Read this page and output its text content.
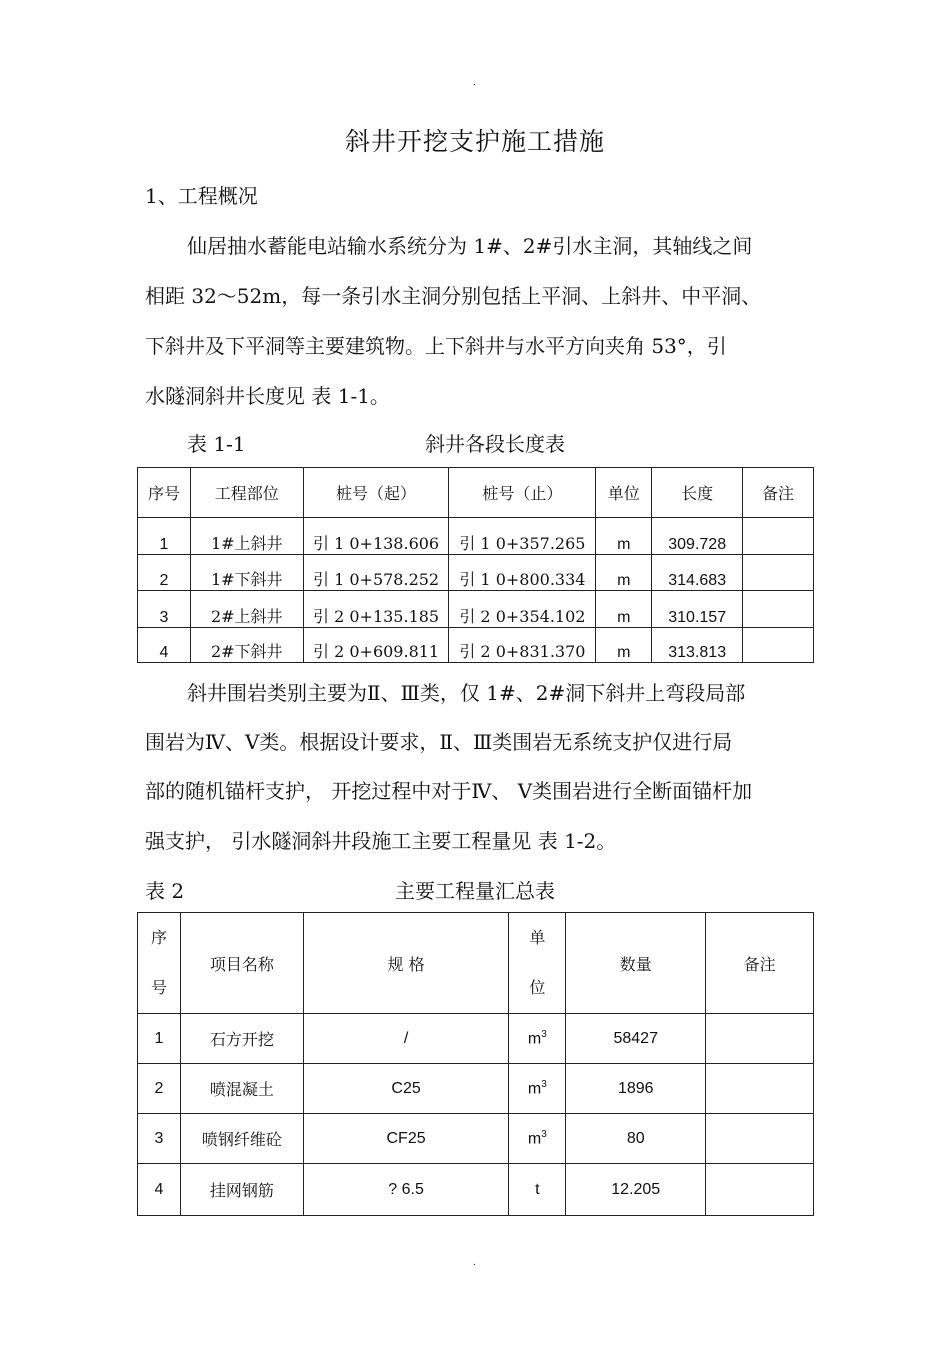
.
斜井开挖支护施工措施
1、工程概况
仙居抽水蓄能电站输水系统分为 1#、2#引水主洞，其轴线之间
相距 32～52m，每一条引水主洞分别包括上平洞、上斜井、中平洞、
下斜井及下平洞等主要建筑物。上下斜井与水平方向夹角 53°，引
水隧洞斜井长度见 表 1-1。
表 1-1	斜井各段长度表
序号	工程部位	桩号（起）	桩号（止）	单位	长度	备注
1	1#上斜井	引 1 0+138.606	引 1 0+357.265	m	309.728	
2	1#下斜井	引 1 0+578.252	引 1 0+800.334	m	314.683	
3	2#上斜井	引 2 0+135.185	引 2 0+354.102	m	310.157	
4	2#下斜井	引 2 0+609.811	引 2 0+831.370	m	313.813	
斜井围岩类别主要为Ⅱ、Ⅲ类，仅 1#、2#洞下斜井上弯段局部
围岩为Ⅳ、Ⅴ类。根据设计要求，Ⅱ、Ⅲ类围岩无系统支护仅进行局
部的随机锚杆支护， 开挖过程中对于Ⅳ、 Ⅴ类围岩进行全断面锚杆加
强支护， 引水隧洞斜井段施工主要工程量见 表 1-2。
表 2	主要工程量汇总表
序号	项目名称	规 格	单位	数量	备注
1	石方开挖	/	$m^3$	58427	
2	喷混凝土	C25	$m^3$	1896	
3	喷钢纤维砼	CF25	$m^3$	80	
4	挂网钢筋	? 6.5	t	12.205	
.
